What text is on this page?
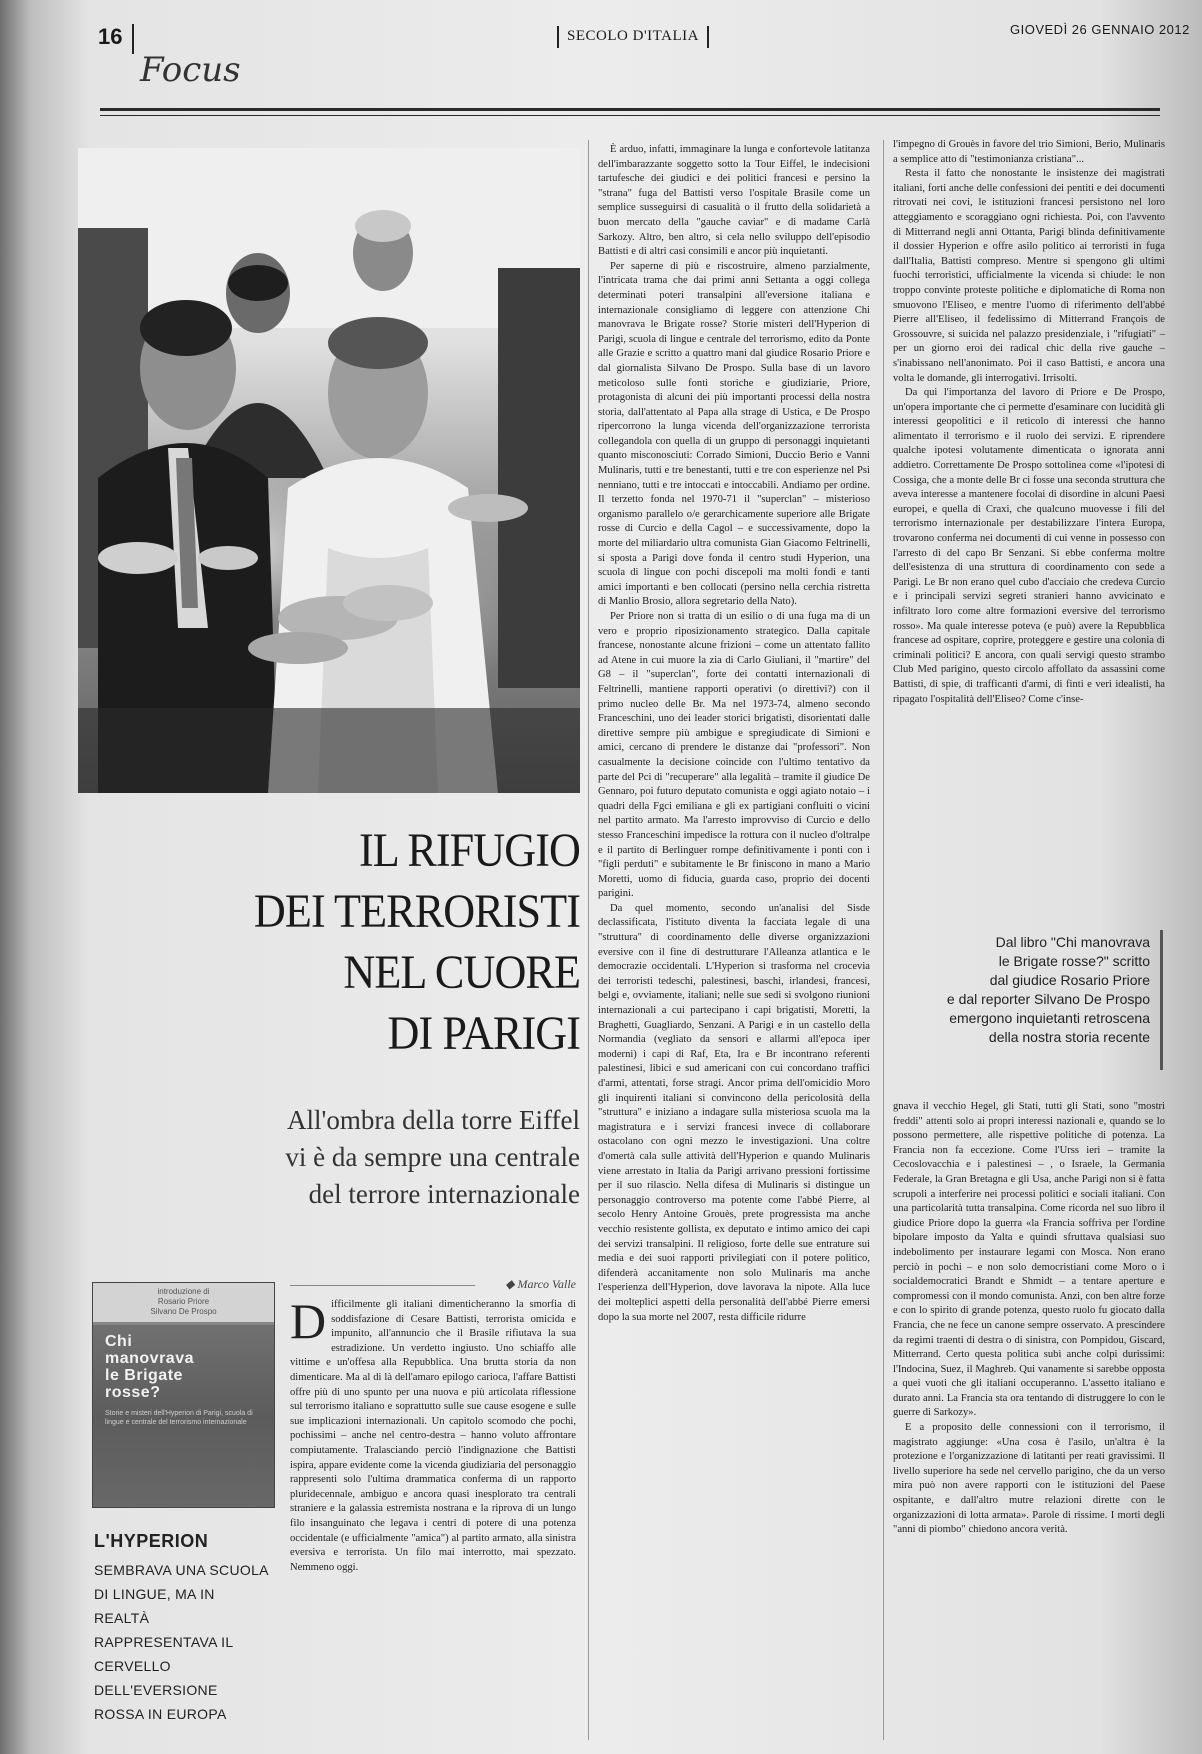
16
Focus
SECOLO D'ITALIA	GIOVEDÌ 26 GENNAIO 2012
IL RIFUGIO
DEI TERRORISTI
NEL CUORE
DI PARIGI
All'ombra della torre Eiffel
vi è da sempre una centrale
del terrore internazionale
◆ Marco Valle
introduzione di
Rosario Priore
Silvano De Prospo
Chi
manovrava
le Brigate
rosse?
Storie e misteri dell'Hyperion di Parigi, scuola di lingue e centrale del terrorismo internazionale
L'HYPERION
SEMBRAVA UNA SCUOLA
DI LINGUE, MA IN REALTÀ
RAPPRESENTAVA IL
CERVELLO DELL'EVERSIONE
ROSSA IN EUROPA

Difficilmente gli italiani dimenticheranno la smorfia di soddisfazione di Cesare Battisti, terrorista omicida e impunito, all'annuncio che il Brasile rifiutava la sua estradizione. Un verdetto ingiusto. Uno schiaffo alle vittime e un'offesa alla Repubblica. Una brutta storia da non dimenticare. Ma al di là dell'amaro epilogo carioca, l'affare Battisti offre più di uno spunto per una nuova e più articolata riflessione sul terrorismo italiano e soprattutto sulle sue cause esogene e sulle sue implicazioni internazionali. Un capitolo scomodo che pochi, pochissimi – anche nel centro-destra – hanno voluto affrontare compiutamente. Tralasciando perciò l'indignazione che Battisti ispira, appare evidente come la vicenda giudiziaria del personaggio rappresenti solo l'ultima drammatica conferma di un rapporto pluridecennale, ambiguo e ancora quasi inesplorato tra centrali straniere e la galassia estremista nostrana e la riprova di un lungo filo insanguinato che legava i centri di potere di una potenza occidentale (e ufficialmente "amica") al partito armato, alla sinistra eversiva e terrorista. Un filo mai interrotto, mai spezzato. Nemmeno oggi.

È arduo, infatti, immaginare la lunga e confortevole latitanza dell'imbarazzante soggetto sotto la Tour Eiffel, le indecisioni tartufesche dei giudici e dei politici francesi e persino la "strana" fuga del Battisti verso l'ospitale Brasile come un semplice susseguirsi di casualità o il frutto della solidarietà a buon mercato della "gauche caviar" e di madame Carlà Sarkozy. Altro, ben altro, si cela nello sviluppo dell'episodio Battisti e di altri casi consimili e ancor più inquietanti.

Per saperne di più e riscostruire, almeno parzialmente, l'intricata trama che dai primi anni Settanta a oggi collega determinati poteri transalpini all'eversione italiana e internazionale consigliamo di leggere con attenzione Chi manovrava le Brigate rosse? Storie misteri dell'Hyperion di Parigi, scuola di lingue e centrale del terrorismo, edito da Ponte alle Grazie e scritto a quattro mani dal giudice Rosario Priore e dal giornalista Silvano De Prospo. Sulla base di un lavoro meticoloso sulle fonti storiche e giudiziarie, Priore, protagonista di alcuni dei più importanti processi della nostra storia, dall'attentato al Papa alla strage di Ustica, e De Prospo ripercorrono la lunga vicenda dell'organizzazione terrorista collegandola con quella di un gruppo di personaggi inquietanti quanto misconosciuti: Corrado Simioni, Duccio Berio e Vanni Mulinaris, tutti e tre benestanti, tutti e tre con esperienze nel Psi nenniano, tutti e tre intoccati e intoccabili. Andiamo per ordine. Il terzetto fonda nel 1970-71 il "superclan" – misterioso organismo parallelo o/e gerarchicamente superiore alle Brigate rosse di Curcio e della Cagol – e successivamente, dopo la morte del miliardario ultra comunista Gian Giacomo Feltrinelli, si sposta a Parigi dove fonda il centro studi Hyperion, una scuola di lingue con pochi discepoli ma molti fondi e tanti amici importanti e ben collocati (persino nella cerchia ristretta di Manlio Brosio, allora segretario della Nato).

Per Priore non si tratta di un esilio o di una fuga ma di un vero e proprio riposizionamento strategico. Dalla capitale francese, nonostante alcune frizioni – come un attentato fallito ad Atene in cui muore la zia di Carlo Giuliani, il "martire" del G8 – il "superclan", forte dei contatti internazionali di Feltrinelli, mantiene rapporti operativi (o direttivi?) con il primo nucleo delle Br. Ma nel 1973-74, almeno secondo Franceschini, uno dei leader storici brigatisti, disorientati dalle direttive sempre più ambigue e spregiudicate di Simioni e amici, cercano di prendere le distanze dai "professori". Non casualmente la decisione coincide con l'ultimo tentativo da parte del Pci di "recuperare" alla legalità – tramite il giudice De Gennaro, poi futuro deputato comunista e oggi agiato notaio – i quadri della Fgci emiliana e gli ex partigiani confluiti o vicini nel partito armato. Ma l'arresto improvviso di Curcio e dello stesso Franceschini impedisce la rottura con il nucleo d'oltralpe e il partito di Berlinguer rompe definitivamente i ponti con i "figli perduti" e subitamente le Br finiscono in mano a Mario Moretti, uomo di fiducia, guarda caso, proprio dei docenti parigini.

Da quel momento, secondo un'analisi del Sisde declassificata, l'istituto diventa la facciata legale di una "struttura" di coordinamento delle diverse organizzazioni eversive con il fine di destrutturare l'Alleanza atlantica e le democrazie occidentali. L'Hyperion si trasforma nel crocevia dei terroristi tedeschi, palestinesi, baschi, irlandesi, francesi, belgi e, ovviamente, italiani; nelle sue sedi si svolgono riunioni internazionali a cui partecipano i capi brigatisti, Moretti, la Braghetti, Guagliardo, Senzani. A Parigi e in un castello della Normandia (vegliato da sensori e allarmi all'epoca iper moderni) i capi di Raf, Eta, Ira e Br incontrano referenti palestinesi, libici e sud americani con cui concordano traffici d'armi, attentati, forse stragi. Ancor prima dell'omicidio Moro gli inquirenti italiani si convincono della pericolosità della "struttura" e iniziano a indagare sulla misteriosa scuola ma la magistratura e i servizi francesi invece di collaborare ostacolano con ogni mezzo le investigazioni. Una coltre d'omertà cala sulle attività dell'Hyperion e quando Mulinaris viene arrestato in Italia da Parigi arrivano pressioni fortissime per il suo rilascio. Nella difesa di Mulinaris si distingue un personaggio controverso ma potente come l'abbé Pierre, al secolo Henry Antoine Grouès, prete progressista ma anche vecchio resistente gollista, ex deputato e intimo amico dei capi dei servizi transalpini. Il religioso, forte delle sue entrature sui media e dei suoi rapporti privilegiati con il potere politico, difenderà accanitamente non solo Mulinaris ma anche l'esperienza dell'Hyperion, dove lavorava la nipote. Alla luce dei molteplici aspetti della personalità dell'abbé Pierre emersi dopo la sua morte nel 2007, resta difficile ridurre

l'impegno di Grouès in favore del trio Simioni, Berio, Mulinaris a semplice atto di "testimonianza cristiana"...

Resta il fatto che nonostante le insistenze dei magistrati italiani, forti anche delle confessioni dei pentiti e dei documenti ritrovati nei covi, le istituzioni francesi persistono nel loro atteggiamento e scoraggiano ogni richiesta. Poi, con l'avvento di Mitterrand negli anni Ottanta, Parigi blinda definitivamente il dossier Hyperion e offre asilo politico ai terroristi in fuga dall'Italia, Battisti compreso. Mentre si spengono gli ultimi fuochi terroristici, ufficialmente la vicenda si chiude: le non troppo convinte proteste politiche e diplomatiche di Roma non smuovono l'Eliseo, e mentre l'uomo di riferimento dell'abbé Pierre all'Eliseo, il fedelissimo di Mitterrand François de Grossouvre, si suicida nel palazzo presidenziale, i "rifugiati" – per un giorno eroi dei radical chic della rive gauche – s'inabissano nell'anonimato. Poi il caso Battisti, e ancora una volta le domande, gli interrogativi. Irrisolti.

Da qui l'importanza del lavoro di Priore e De Prospo, un'opera importante che ci permette d'esaminare con lucidità gli interessi geopolitici e il reticolo di interessi che hanno alimentato il terrorismo e il ruolo dei servizi. E riprendere qualche ipotesi volutamente dimenticata o ignorata anni addietro. Correttamente De Prospo sottolinea come «l'ipotesi di Cossiga, che a monte delle Br ci fosse una seconda struttura che aveva interesse a mantenere focolai di disordine in alcuni Paesi europei, e quella di Craxi, che qualcuno muovesse i fili del terrorismo internazionale per destabilizzare l'intera Europa, trovarono conferma nei documenti di cui venne in possesso con l'arresto di del capo Br Senzani. Si ebbe conferma moltre dell'esistenza di una struttura di coordinamento con sede a Parigi. Le Br non erano quel cubo d'acciaio che credeva Curcio e i principali servizi segreti stranieri hanno avvicinato e infiltrato loro come altre formazioni eversive del terrorismo rosso». Ma quale interesse poteva (e può) avere la Repubblica francese ad ospitare, coprire, proteggere e gestire una colonia di criminali politici? E ancora, con quali servigi questo strambo Club Med parigino, questo circolo affollato da assassini come Battisti, di spie, di trafficanti d'armi, di finti e veri idealisti, ha ripagato l'ospitalità dell'Eliseo? Come c'inse-

Dal libro "Chi manovrava
le Brigate rosse?" scritto
dal giudice Rosario Priore
e dal reporter Silvano De Prospo
emergono inquietanti retroscena
della nostra storia recente

gnava il vecchio Hegel, gli Stati, tutti gli Stati, sono "mostri freddi" attenti solo ai propri interessi nazionali e, quando se lo possono permettere, alle rispettive politiche di potenza. La Francia non fa eccezione. Come l'Urss ieri – tramite la Cecoslovacchia e i palestinesi – , o Israele, la Germania Federale, la Gran Bretagna e gli Usa, anche Parigi non si è fatta scrupoli a interferire nei processi politici e sociali italiani. Con una particolarità tutta transalpina. Come ricorda nel suo libro il giudice Priore dopo la guerra «la Francia soffriva per l'ordine bipolare imposto da Yalta e quindi sfruttava qualsiasi suo indebolimento per instaurare legami con Mosca. Non erano perciò in pochi – e non solo democristiani come Moro o i socialdemocratici Brandt e Shmidt – a tentare aperture e compromessi con il mondo comunista. Anzi, con ben altre forze e con lo spirito di grande potenza, questo ruolo fu giocato dalla Francia, che ne fece un canone sempre osservato. A prescindere da regimi traenti di destra o di sinistra, con Pompidou, Giscard, Mitterrand. Certo questa politica subì anche colpi durissimi: l'Indocina, Suez, il Maghreb. Qui vanamente si sarebbe opposta a quei vuoti che gli italiani occuperanno. L'assetto italiano e durato anni. La Francia sta ora tentando di distruggere lo con le guerre di Sarkozy».

E a proposito delle connessioni con il terrorismo, il magistrato aggiunge: «Una cosa è l'asilo, un'altra è la protezione e l'organizzazione di latitanti per reati gravissimi. Il livello superiore ha sede nel cervello parigino, che da un verso mira può non avere rapporti con le istituzioni del Paese ospitante, e dall'altro mutre relazioni dirette con le organizzazioni di lotta armata». Parole di rissime. I morti degli "anni di piombo" chiedono ancora verità.
